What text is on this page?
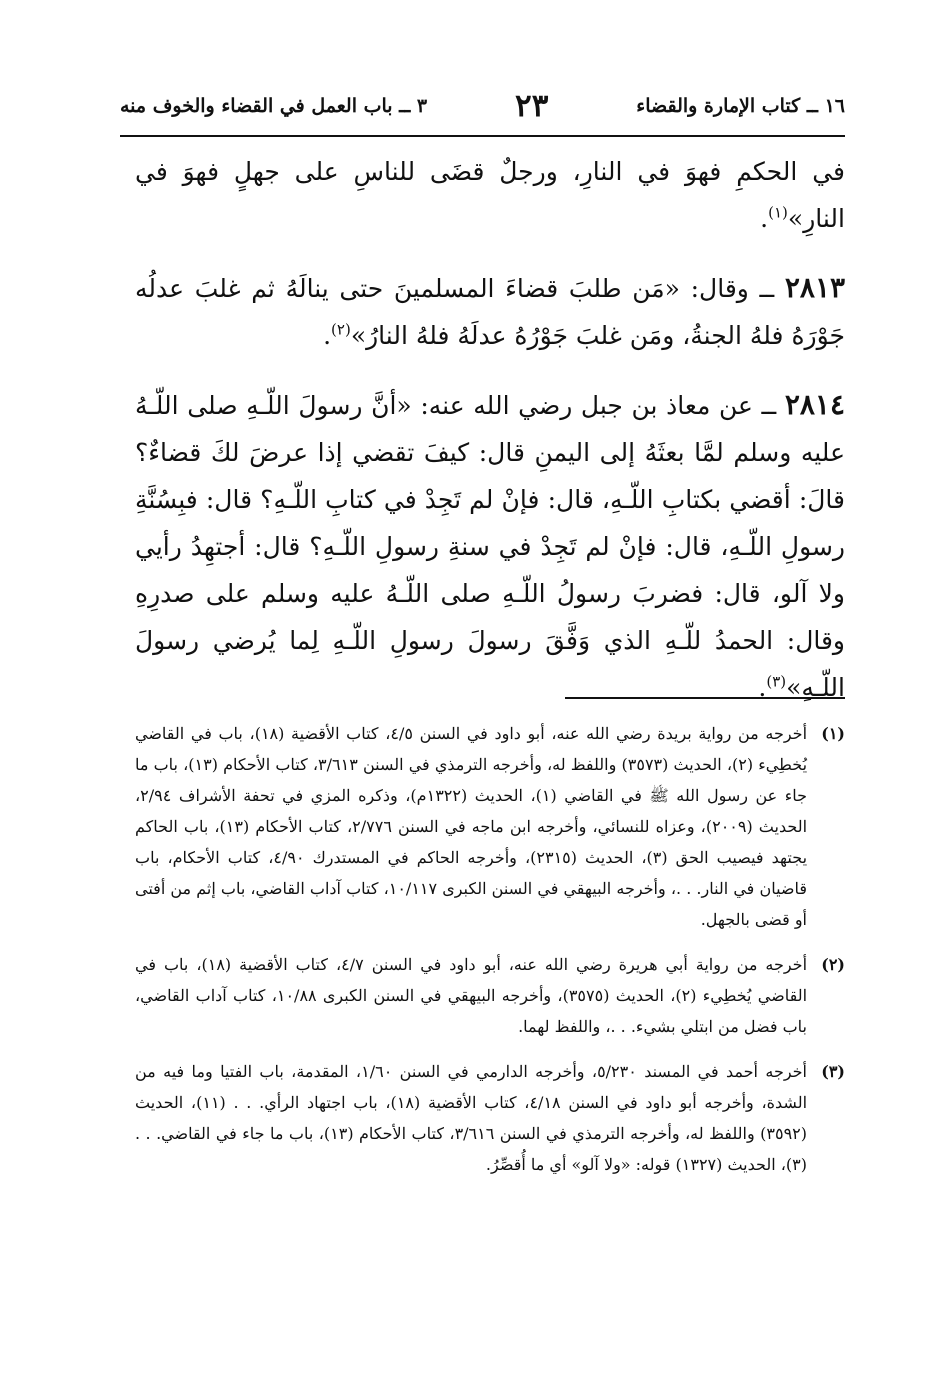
١٦ ــ كتاب الإمارة والقضاء
٢٣
٣ ــ باب العمل في القضاء والخوف منه

في الحكمِ فهوَ في النارِ، ورجلٌ قضَى للناسِ على جهلٍ فهوَ في النارِ»$^{(١)}$.

٢٨١٣ ــ وقال: «مَن طلبَ قضاءَ المسلمينَ حتى ينالَهُ ثم غلبَ عدلُه جَوْرَهُ فلهُ الجنةُ، ومَن غلبَ جَوْرُهُ عدلَهُ فلهُ النارُ»$^{(٢)}$.

٢٨١٤ ــ عن معاذ بن جبل رضي الله عنه: «أنَّ رسولَ اللّـهِ صلى اللّـهُ عليه وسلم لمَّا بعثَهُ إلى اليمنِ قال: كيفَ تقضي إذا عرضَ لكَ قضاءٌ؟ قالَ: أقضي بكتابِ اللّـهِ، قال: فإنْ لم تَجِدْ في كتابِ اللّـهِ؟ قال: فبِسُنَّةِ رسولِ اللّـهِ، قال: فإنْ لم تَجِدْ في سنةِ رسولِ اللّـهِ؟ قال: أجتهِدُ رأيي ولا آلو، قال: فضربَ رسولُ اللّـهِ صلى اللّـهُ عليه وسلم على صدرِهِ وقال: الحمدُ للّـهِ الذي وَفَّقَ رسولَ رسولِ اللّـهِ لِما يُرضي رسولَ اللّـهِ»$^{(٣)}$.

(١)
أخرجه من رواية بريدة رضي الله عنه، أبو داود في السنن ٤/٥، كتاب الأقضية (١٨)، باب في القاضي يُخطِيء (٢)، الحديث (٣٥٧٣) واللفظ له، وأخرجه الترمذي في السنن ٣/٦١٣، كتاب الأحكام (١٣)، باب ما جاء عن رسول الله ﷺ في القاضي (١)، الحديث (١٣٢٢م)، وذكره المزي في تحفة الأشراف ٢/٩٤، الحديث (٢٠٠٩)، وعزاه للنسائي، وأخرجه ابن ماجه في السنن ٢/٧٧٦، كتاب الأحكام (١٣)، باب الحاكم يجتهد فيصيب الحق (٣)، الحديث (٢٣١٥)، وأخرجه الحاكم في المستدرك ٤/٩٠، كتاب الأحكام، باب قاضيان في النار. . .، وأخرجه البيهقي في السنن الكبرى ١٠/١١٧، كتاب آداب القاضي، باب إثم من أفتى أو قضى بالجهل.
(٢)
أخرجه من رواية أبي هريرة رضي الله عنه، أبو داود في السنن ٤/٧، كتاب الأقضية (١٨)، باب في القاضي يُخطِيء (٢)، الحديث (٣٥٧٥)، وأخرجه البيهقي في السنن الكبرى ١٠/٨٨، كتاب آداب القاضي، باب فضل من ابتلي بشيء. . .، واللفظ لهما.
(٣)
أخرجه أحمد في المسند ٥/٢٣٠، وأخرجه الدارمي في السنن ١/٦٠، المقدمة، باب الفتيا وما فيه من الشدة، وأخرجه أبو داود في السنن ٤/١٨، كتاب الأقضية (١٨)، باب اجتهاد الرأي. . . (١١)، الحديث (٣٥٩٢) واللفظ له، وأخرجه الترمذي في السنن ٣/٦١٦، كتاب الأحكام (١٣)، باب ما جاء في القاضي. . . (٣)، الحديث (١٣٢٧) قوله: «ولا آلو» أي ما أُقصِّرُ.
